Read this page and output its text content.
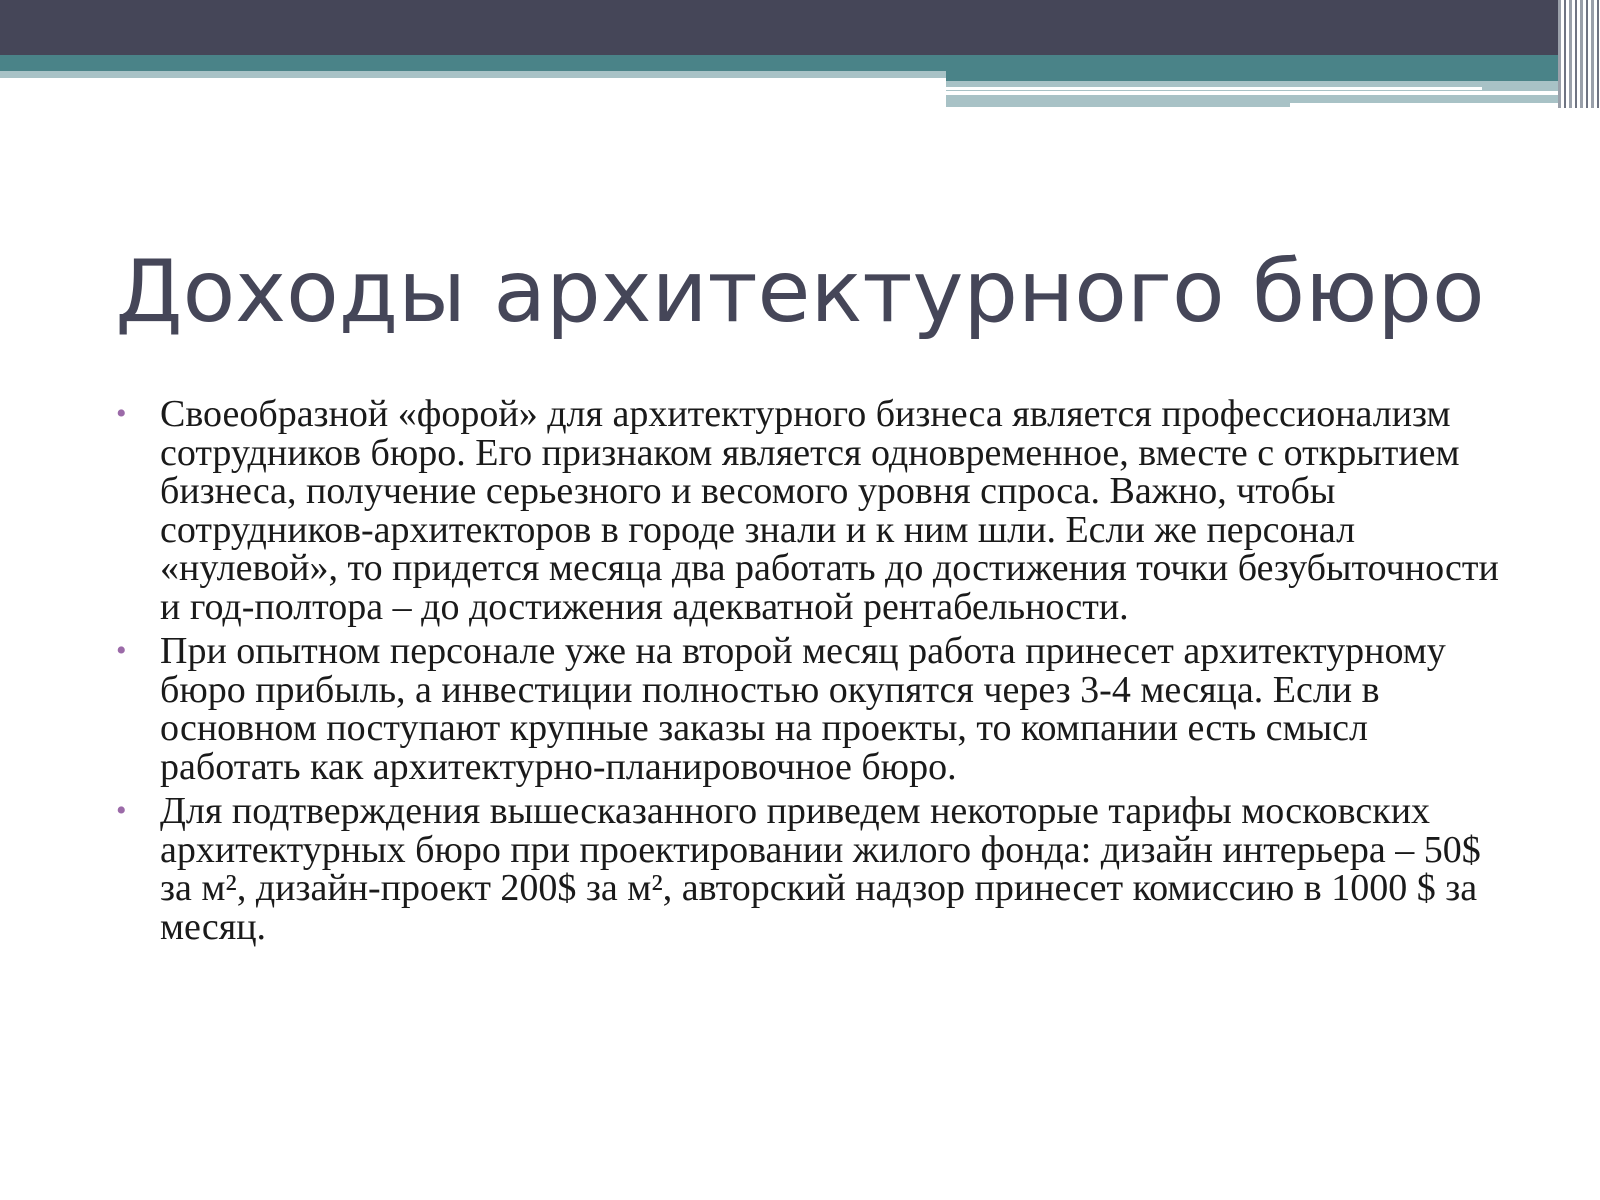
Доходы архитектурного бюро
• Своеобразной «форой» для архитектурного бизнеса является профессионализм сотрудников бюро. Его признаком является одновременное, вместе с открытием бизнеса, получение серьезного и весомого уровня спроса. Важно, чтобы сотрудников-архитекторов в городе знали и к ним шли. Если же персонал «нулевой», то придется месяца два работать до достижения точки безубыточности и год-полтора – до достижения адекватной рентабельности.
• При опытном персонале уже на второй месяц работа принесет архитектурному бюро прибыль, а инвестиции полностью окупятся через 3-4 месяца. Если в основном поступают крупные заказы на проекты, то компании есть смысл работать как архитектурно-планировочное бюро.
• Для подтверждения вышесказанного приведем некоторые тарифы московских архитектурных бюро при проектировании жилого фонда: дизайн интерьера – 50$ за м², дизайн-проект 200$ за м², авторский надзор принесет комиссию в 1000 $ за месяц.
